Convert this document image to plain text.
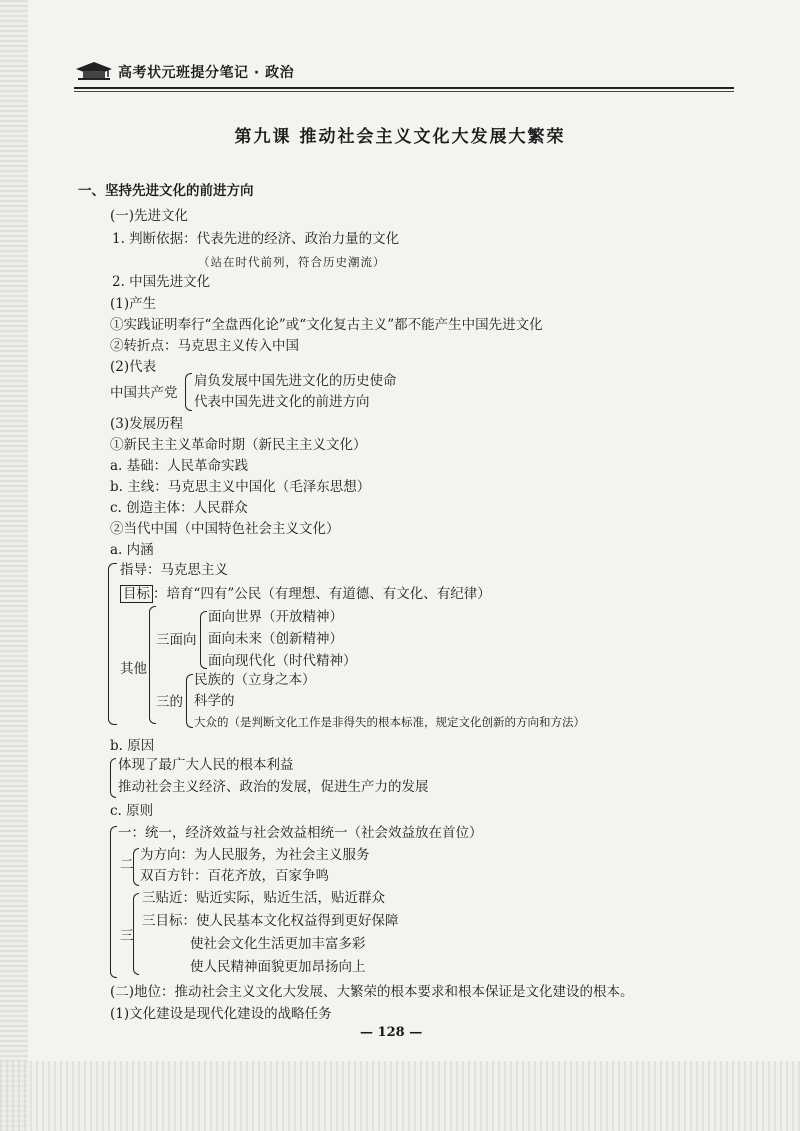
高考状元班提分笔记 · 政治
第九课 推动社会主义文化大发展大繁荣
一、坚持先进文化的前进方向
(一)先进文化
1. 判断依据：代表先进的经济、政治力量的文化
（站在时代前列，符合历史潮流）
2. 中国先进文化
(1)产生
①实践证明奉行“全盘西化论”或“文化复古主义”都不能产生中国先进文化
②转折点：马克思主义传入中国
(2)代表
中国共产党
肩负发展中国先进文化的历史使命
代表中国先进文化的前进方向
(3)发展历程
①新民主主义革命时期（新民主主义文化）
a. 基础：人民革命实践
b. 主线：马克思主义中国化（毛泽东思想）
c. 创造主体：人民群众
②当代中国（中国特色社会主义文化）
a. 内涵
指导：马克思主义
目标 ：培育“四有”公民（有理想、有道德、有文化、有纪律）
其他
三面向
面向世界（开放精神）
面向未来（创新精神）
面向现代化（时代精神）
三的
民族的（立身之本）
科学的
大众的（是判断文化工作是非得失的根本标准，规定文化创新的方向和方法）
b. 原因
体现了最广大人民的根本利益
推动社会主义经济、政治的发展，促进生产力的发展
c. 原则
一：统一，经济效益与社会效益相统一（社会效益放在首位）
二
为方向：为人民服务，为社会主义服务
双百方针：百花齐放，百家争鸣
三
三贴近：贴近实际，贴近生活，贴近群众
三目标：使人民基本文化权益得到更好保障
使社会文化生活更加丰富多彩
使人民精神面貌更加昂扬向上
(二)地位：推动社会主义文化大发展、大繁荣的根本要求和根本保证是文化建设的根本。
(1)文化建设是现代化建设的战略任务
— 128 —
